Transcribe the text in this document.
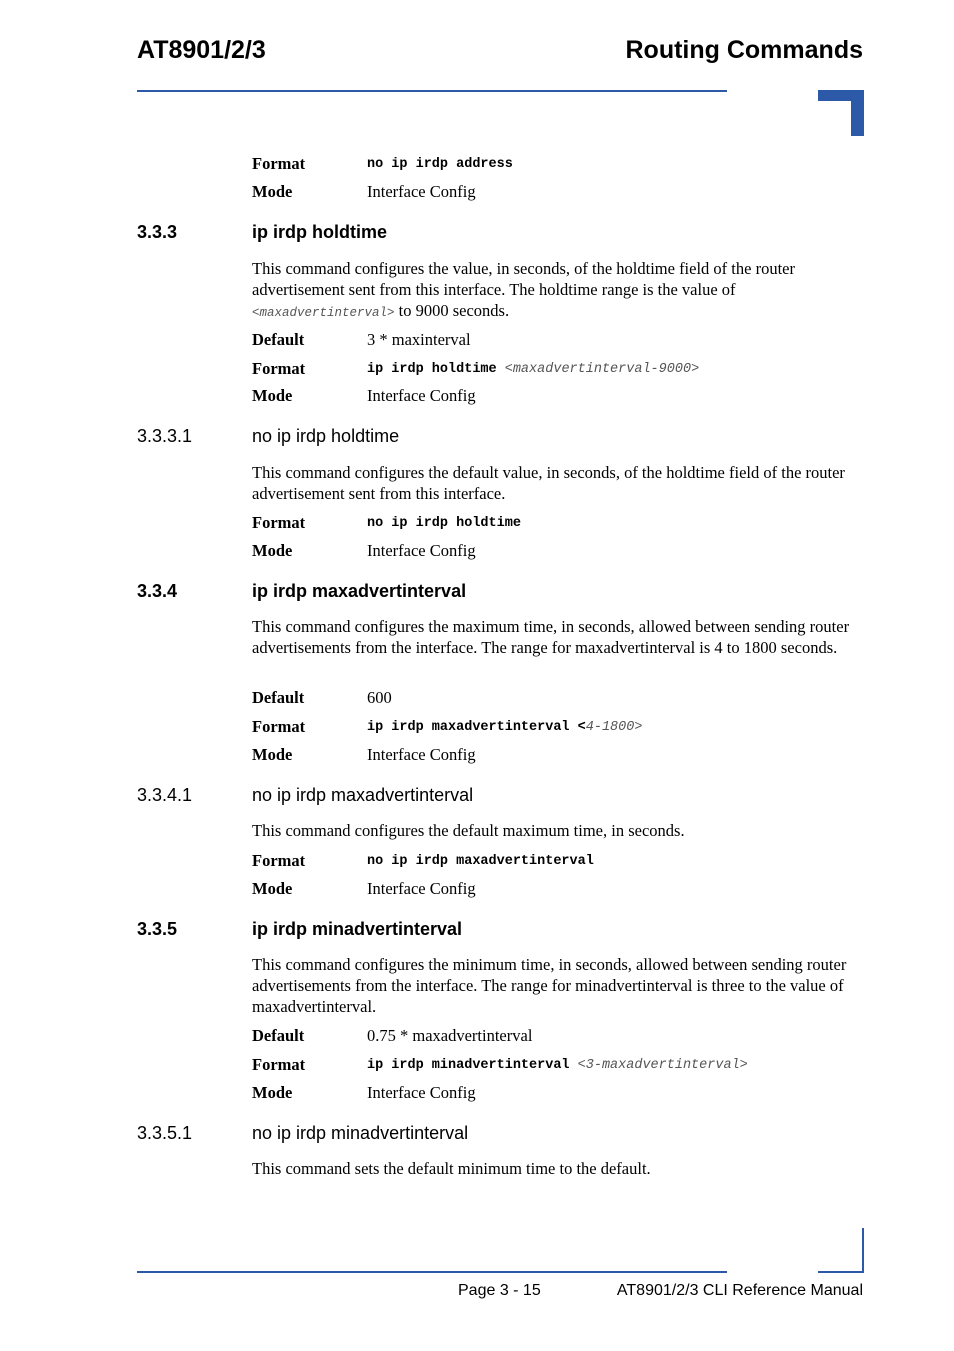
AT8901/2/3	Routing Commands
Format	no ip irdp address
Mode	Interface Config
3.3.3	ip irdp holdtime
This command configures the value, in seconds, of the holdtime field of the router advertisement sent from this interface. The holdtime range is the value of
<maxadvertinterval> to 9000 seconds.
Default	3 * maxinterval
Format	ip irdp holdtime <maxadvertinterval-9000>
Mode	Interface Config
3.3.3.1	no ip irdp holdtime
This command configures the default value, in seconds, of the holdtime field of the router advertisement sent from this interface.
Format	no ip irdp holdtime
Mode	Interface Config
3.3.4	ip irdp maxadvertinterval
This command configures the maximum time, in seconds, allowed between sending router advertisements from the interface. The range for maxadvertinterval is 4 to 1800 seconds.
Default	600
Format	ip irdp maxadvertinterval <4-1800>
Mode	Interface Config
3.3.4.1	no ip irdp maxadvertinterval
This command configures the default maximum time, in seconds.
Format	no ip irdp maxadvertinterval
Mode	Interface Config
3.3.5	ip irdp minadvertinterval
This command configures the minimum time, in seconds, allowed between sending router advertisements from the interface. The range for minadvertinterval is three to the value of maxadvertinterval.
Default	0.75 * maxadvertinterval
Format	ip irdp minadvertinterval <3-maxadvertinterval>
Mode	Interface Config
3.3.5.1	no ip irdp minadvertinterval
This command sets the default minimum time to the default.
Page 3 - 15	AT8901/2/3 CLI Reference Manual
